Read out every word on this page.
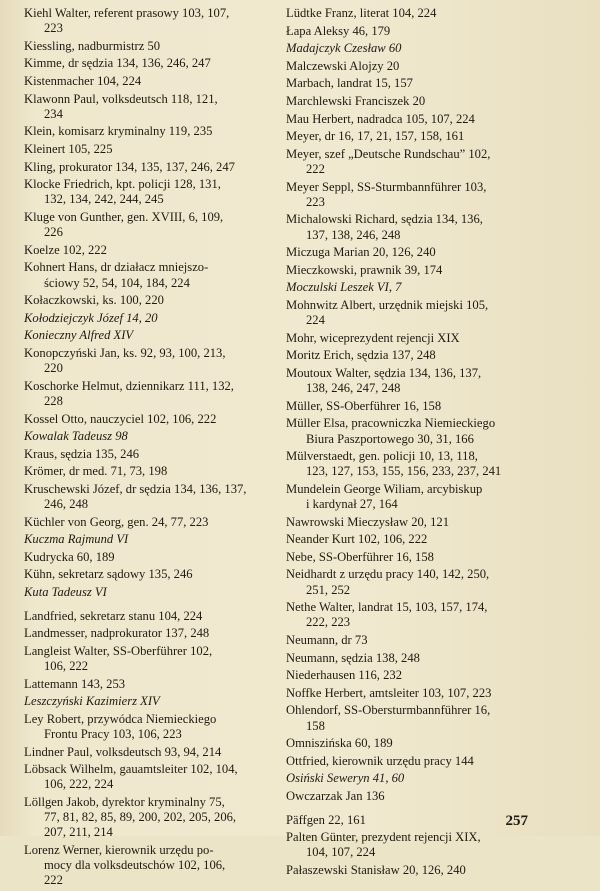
Kiehl Walter, referent prasowy 103, 107,
223
Kiessling, nadburmistrz 50
Kimme, dr sędzia 134, 136, 246, 247
Kistenmacher 104, 224
Klawonn Paul, volksdeutsch 118, 121,
234
Klein, komisarz kryminalny 119, 235
Kleinert 105, 225
Kling, prokurator 134, 135, 137, 246, 247
Klocke Friedrich, kpt. policji 128, 131,
132, 134, 242, 244, 245
Kluge von Gunther, gen. XVIII, 6, 109,
226
Koelze 102, 222
Kohnert Hans, dr działacz mniejszo-
ściowy 52, 54, 104, 184, 224
Kołaczkowski, ks. 100, 220
Kołodziejczyk Józef 14, 20
Konieczny Alfred XIV
Konopczyński Jan, ks. 92, 93, 100, 213,
220
Koschorke Helmut, dziennikarz 111, 132,
228
Kossel Otto, nauczyciel 102, 106, 222
Kowalak Tadeusz 98
Kraus, sędzia 135, 246
Krömer, dr med. 71, 73, 198
Kruschewski Józef, dr sędzia 134, 136, 137,
246, 248
Küchler von Georg, gen. 24, 77, 223
Kuczma Rajmund VI
Kudrycka 60, 189
Kühn, sekretarz sądowy 135, 246
Kuta Tadeusz VI
Landfried, sekretarz stanu 104, 224
Landmesser, nadprokurator 137, 248
Langleist Walter, SS-Oberführer 102,
106, 222
Lattemann 143, 253
Leszczyński Kazimierz XIV
Ley Robert, przywódca Niemieckiego
Frontu Pracy 103, 106, 223
Lindner Paul, volksdeutsch 93, 94, 214
Löbsack Wilhelm, gauamtsleiter 102, 104,
106, 222, 224
Löllgen Jakob, dyrektor kryminalny 75,
77, 81, 82, 85, 89, 200, 202, 205, 206,
207, 211, 214
Lorenz Werner, kierownik urzędu po-
mocy dla volksdeutschów 102, 106,
222
Lüdtke Franz, literat 104, 224
Łapa Aleksy 46, 179
Madajczyk Czesław 60
Malczewski Alojzy 20
Marbach, landrat 15, 157
Marchlewski Franciszek 20
Mau Herbert, nadradca 105, 107, 224
Meyer, dr 16, 17, 21, 157, 158, 161
Meyer, szef „Deutsche Rundschau” 102,
222
Meyer Seppl, SS-Sturmbannführer 103,
223
Michalowski Richard, sędzia 134, 136,
137, 138, 246, 248
Miczuga Marian 20, 126, 240
Mieczkowski, prawnik 39, 174
Moczulski Leszek VI, 7
Mohnwitz Albert, urzędnik miejski 105,
224
Mohr, wiceprezydent rejencji XIX
Moritz Erich, sędzia 137, 248
Moutoux Walter, sędzia 134, 136, 137,
138, 246, 247, 248
Müller, SS-Oberführer 16, 158
Müller Elsa, pracowniczka Niemieckiego
Biura Paszportowego 30, 31, 166
Mülverstaedt, gen. policji 10, 13, 118,
123, 127, 153, 155, 156, 233, 237, 241
Mundelein George Wiliam, arcybiskup
i kardynał 27, 164
Nawrowski Mieczysław 20, 121
Neander Kurt 102, 106, 222
Nebe, SS-Oberführer 16, 158
Neidhardt z urzędu pracy 140, 142, 250,
251, 252
Nethe Walter, landrat 15, 103, 157, 174,
222, 223
Neumann, dr 73
Neumann, sędzia 138, 248
Niederhausen 116, 232
Noffke Herbert, amtsleiter 103, 107, 223
Ohlendorf, SS-Obersturmbannführer 16,
158
Omniszińska 60, 189
Ottfried, kierownik urzędu pracy 144
Osiński Seweryn 41, 60
Owczarzak Jan 136
Päffgen 22, 161
Palten Günter, prezydent rejencji XIX,
104, 107, 224
Pałaszewski Stanisław 20, 126, 240
257
